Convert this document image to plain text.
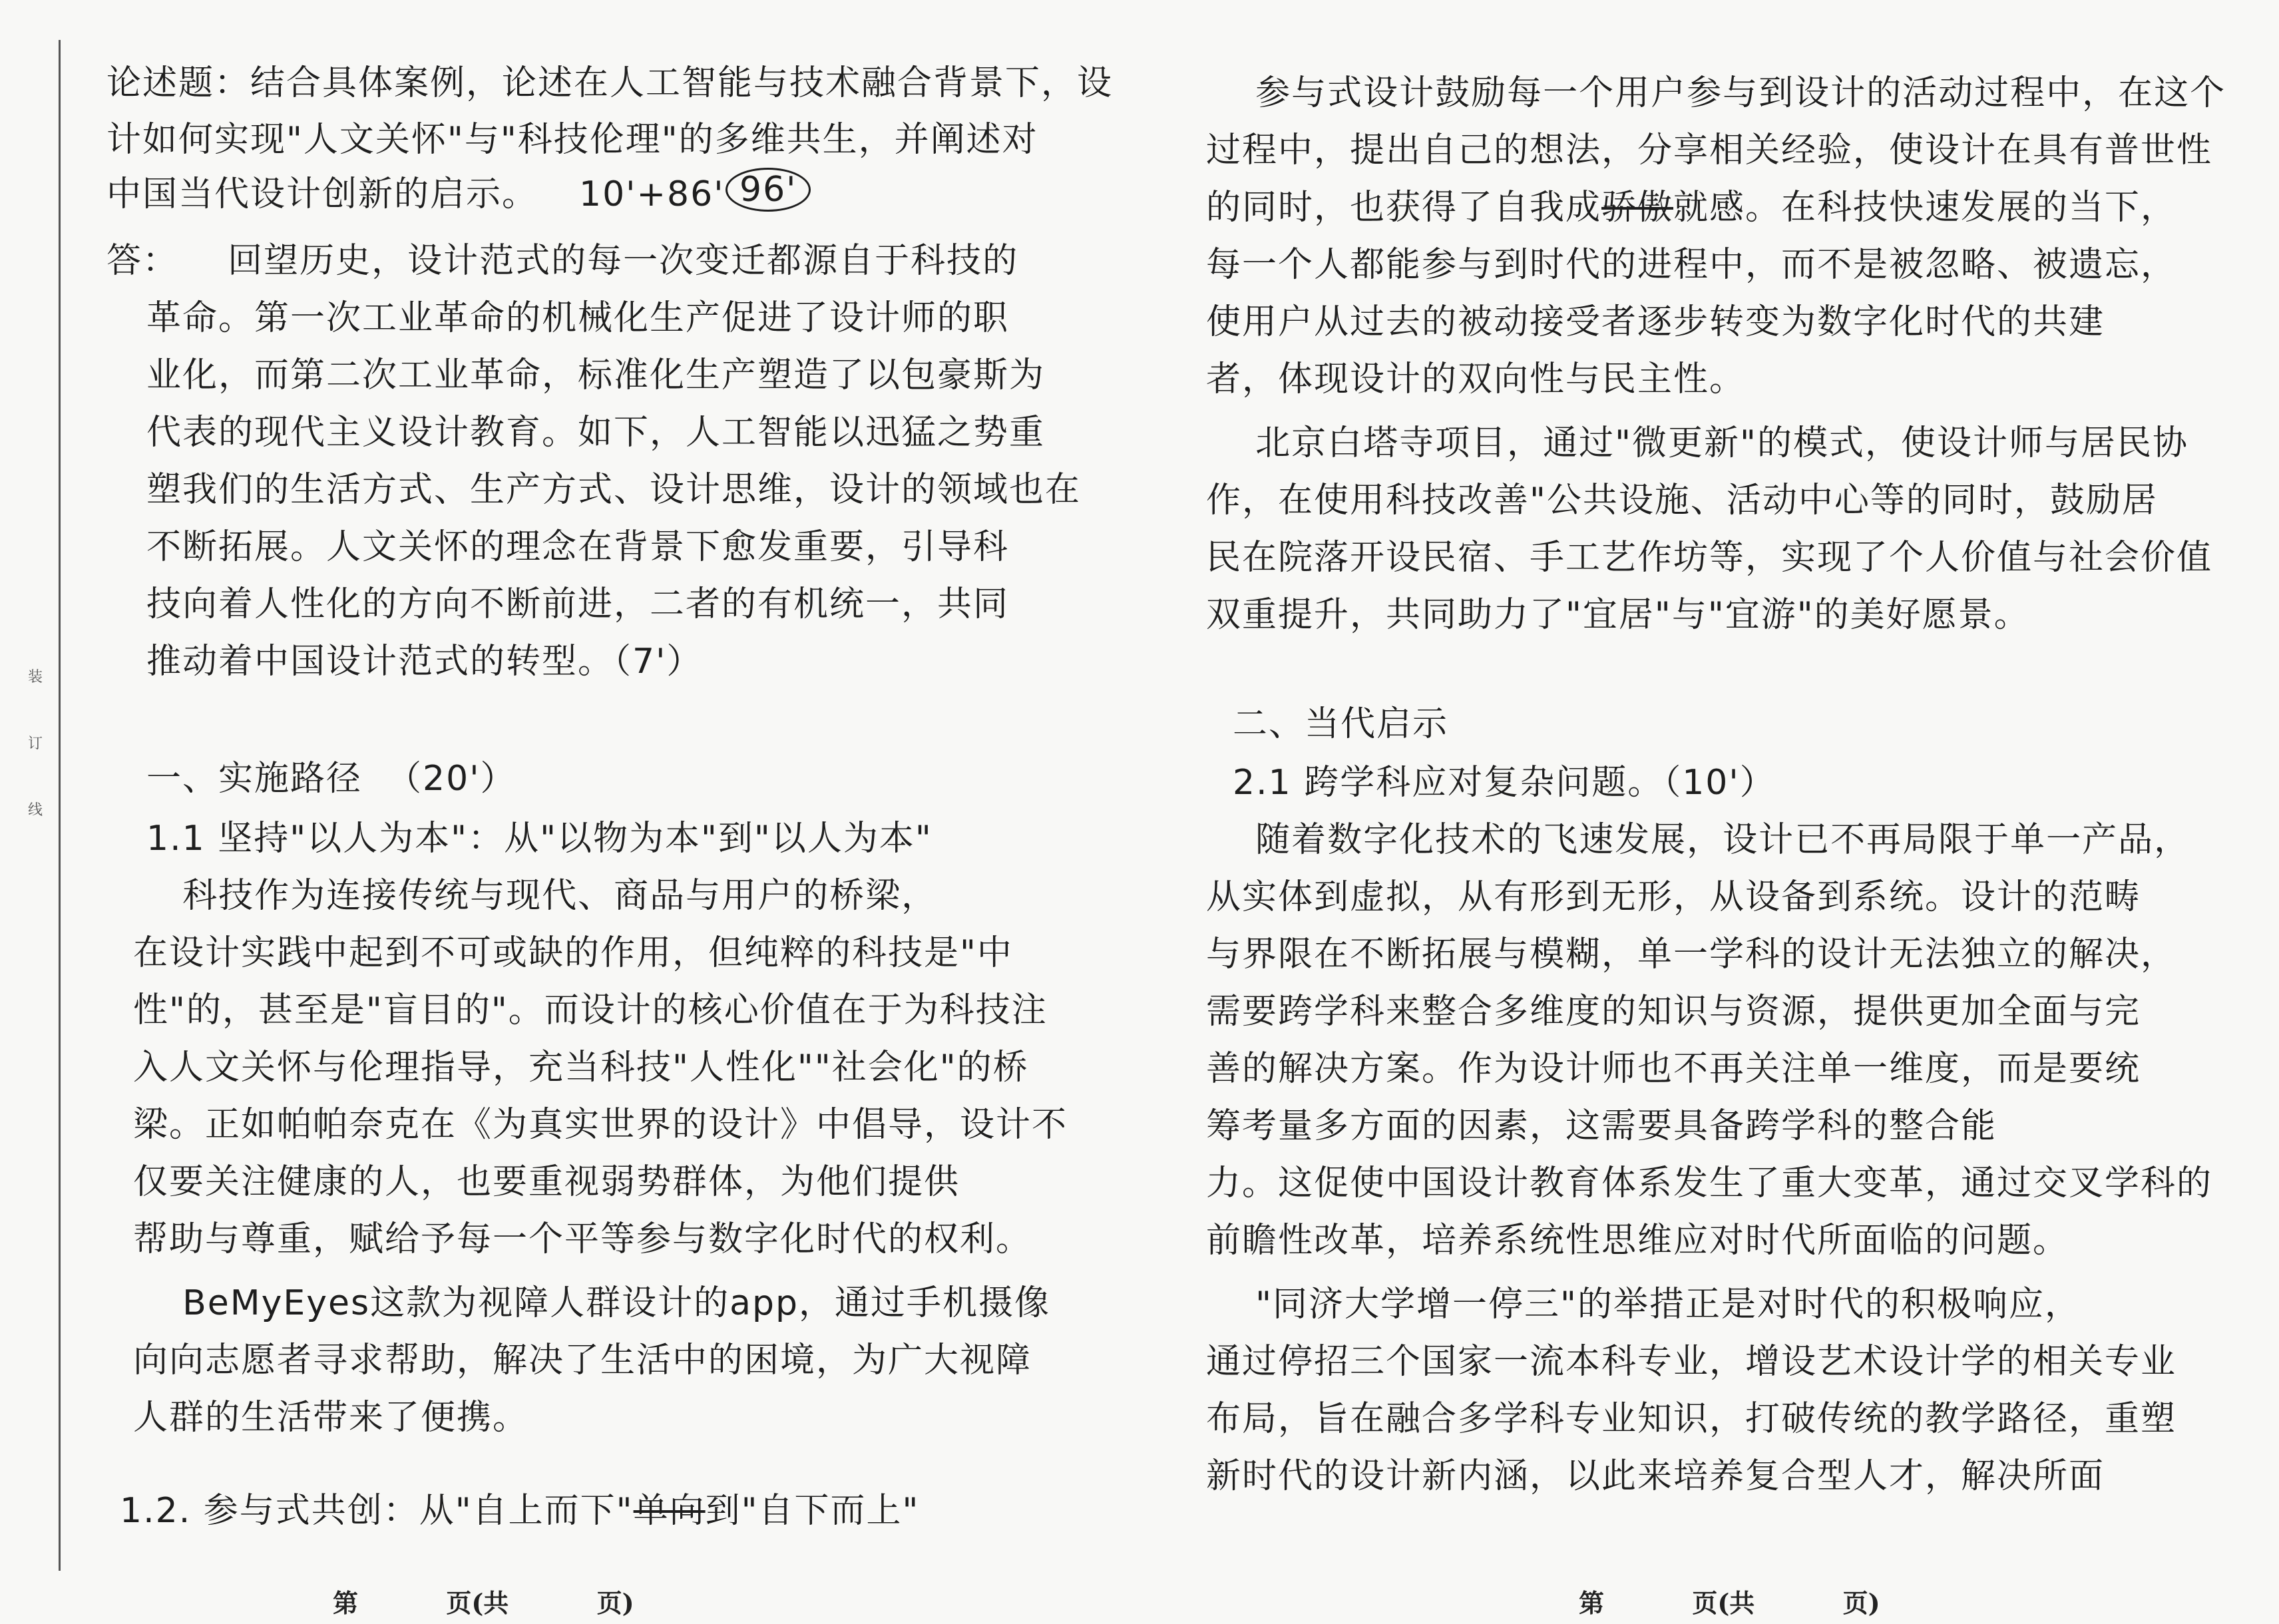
装
订
线
论述题：结合具体案例，论述在人工智能与技术融合背景下，设
计如何实现"人文关怀"与"科技伦理"的多维共生，并阐述对
中国当代设计创新的启示。 10'+86' 96'
答：    回望历史，设计范式的每一次变迁都源自于科技的
革命。第一次工业革命的机械化生产促进了设计师的职
业化，而第二次工业革命，标准化生产塑造了以包豪斯为
代表的现代主义设计教育。如下，人工智能以迅猛之势重
塑我们的生活方式、生产方式、设计思维，设计的领域也在
不断拓展。人文关怀的理念在背景下愈发重要，引导科
技向着人性化的方向不断前进，二者的有机统一，共同
推动着中国设计范式的转型。（7'）
一、实施路径  （20'）
1.1 坚持"以人为本"：从"以物为本"到"以人为本"
科技作为连接传统与现代、商品与用户的桥梁，
在设计实践中起到不可或缺的作用，但纯粹的科技是"中
性"的，甚至是"盲目的"。而设计的核心价值在于为科技注
入人文关怀与伦理指导，充当科技"人性化""社会化"的桥
梁。正如帕帕奈克在《为真实世界的设计》中倡导，设计不
仅要关注健康的人，也要重视弱势群体，为他们提供
帮助与尊重，赋给予每一个平等参与数字化时代的权利。
BeMyEyes这款为视障人群设计的app，通过手机摄像
向向志愿者寻求帮助，解决了生活中的困境，为广大视障
人群的生活带来了便携。
1.2. 参与式共创：从"自上而下"单向到"自下而上"
第	页(共	页)
参与式设计鼓励每一个用户参与到设计的活动过程中，在这个
过程中，提出自己的想法，分享相关经验，使设计在具有普世性
的同时，也获得了自我成骄傲就感。在科技快速发展的当下，
每一个人都能参与到时代的进程中，而不是被忽略、被遗忘，
使用户从过去的被动接受者逐步转变为数字化时代的共建
者，体现设计的双向性与民主性。
北京白塔寺项目，通过"微更新"的模式，使设计师与居民协
作，在使用科技改善"公共设施、活动中心等的同时，鼓励居
民在院落开设民宿、手工艺作坊等，实现了个人价值与社会价值
双重提升，共同助力了"宜居"与"宜游"的美好愿景。
二、当代启示
2.1 跨学科应对复杂问题。（10'）
随着数字化技术的飞速发展，设计已不再局限于单一产品，
从实体到虚拟，从有形到无形，从设备到系统。设计的范畴
与界限在不断拓展与模糊，单一学科的设计无法独立的解决，
需要跨学科来整合多维度的知识与资源，提供更加全面与完
善的解决方案。作为设计师也不再关注单一维度，而是要统
筹考量多方面的因素，这需要具备跨学科的整合能
力。这促使中国设计教育体系发生了重大变革，通过交叉学科的
前瞻性改革，培养系统性思维应对时代所面临的问题。
"同济大学增一停三"的举措正是对时代的积极响应，
通过停招三个国家一流本科专业，增设艺术设计学的相关专业
布局，旨在融合多学科专业知识，打破传统的教学路径，重塑
新时代的设计新内涵，以此来培养复合型人才，解决所面
第	页(共	页)
